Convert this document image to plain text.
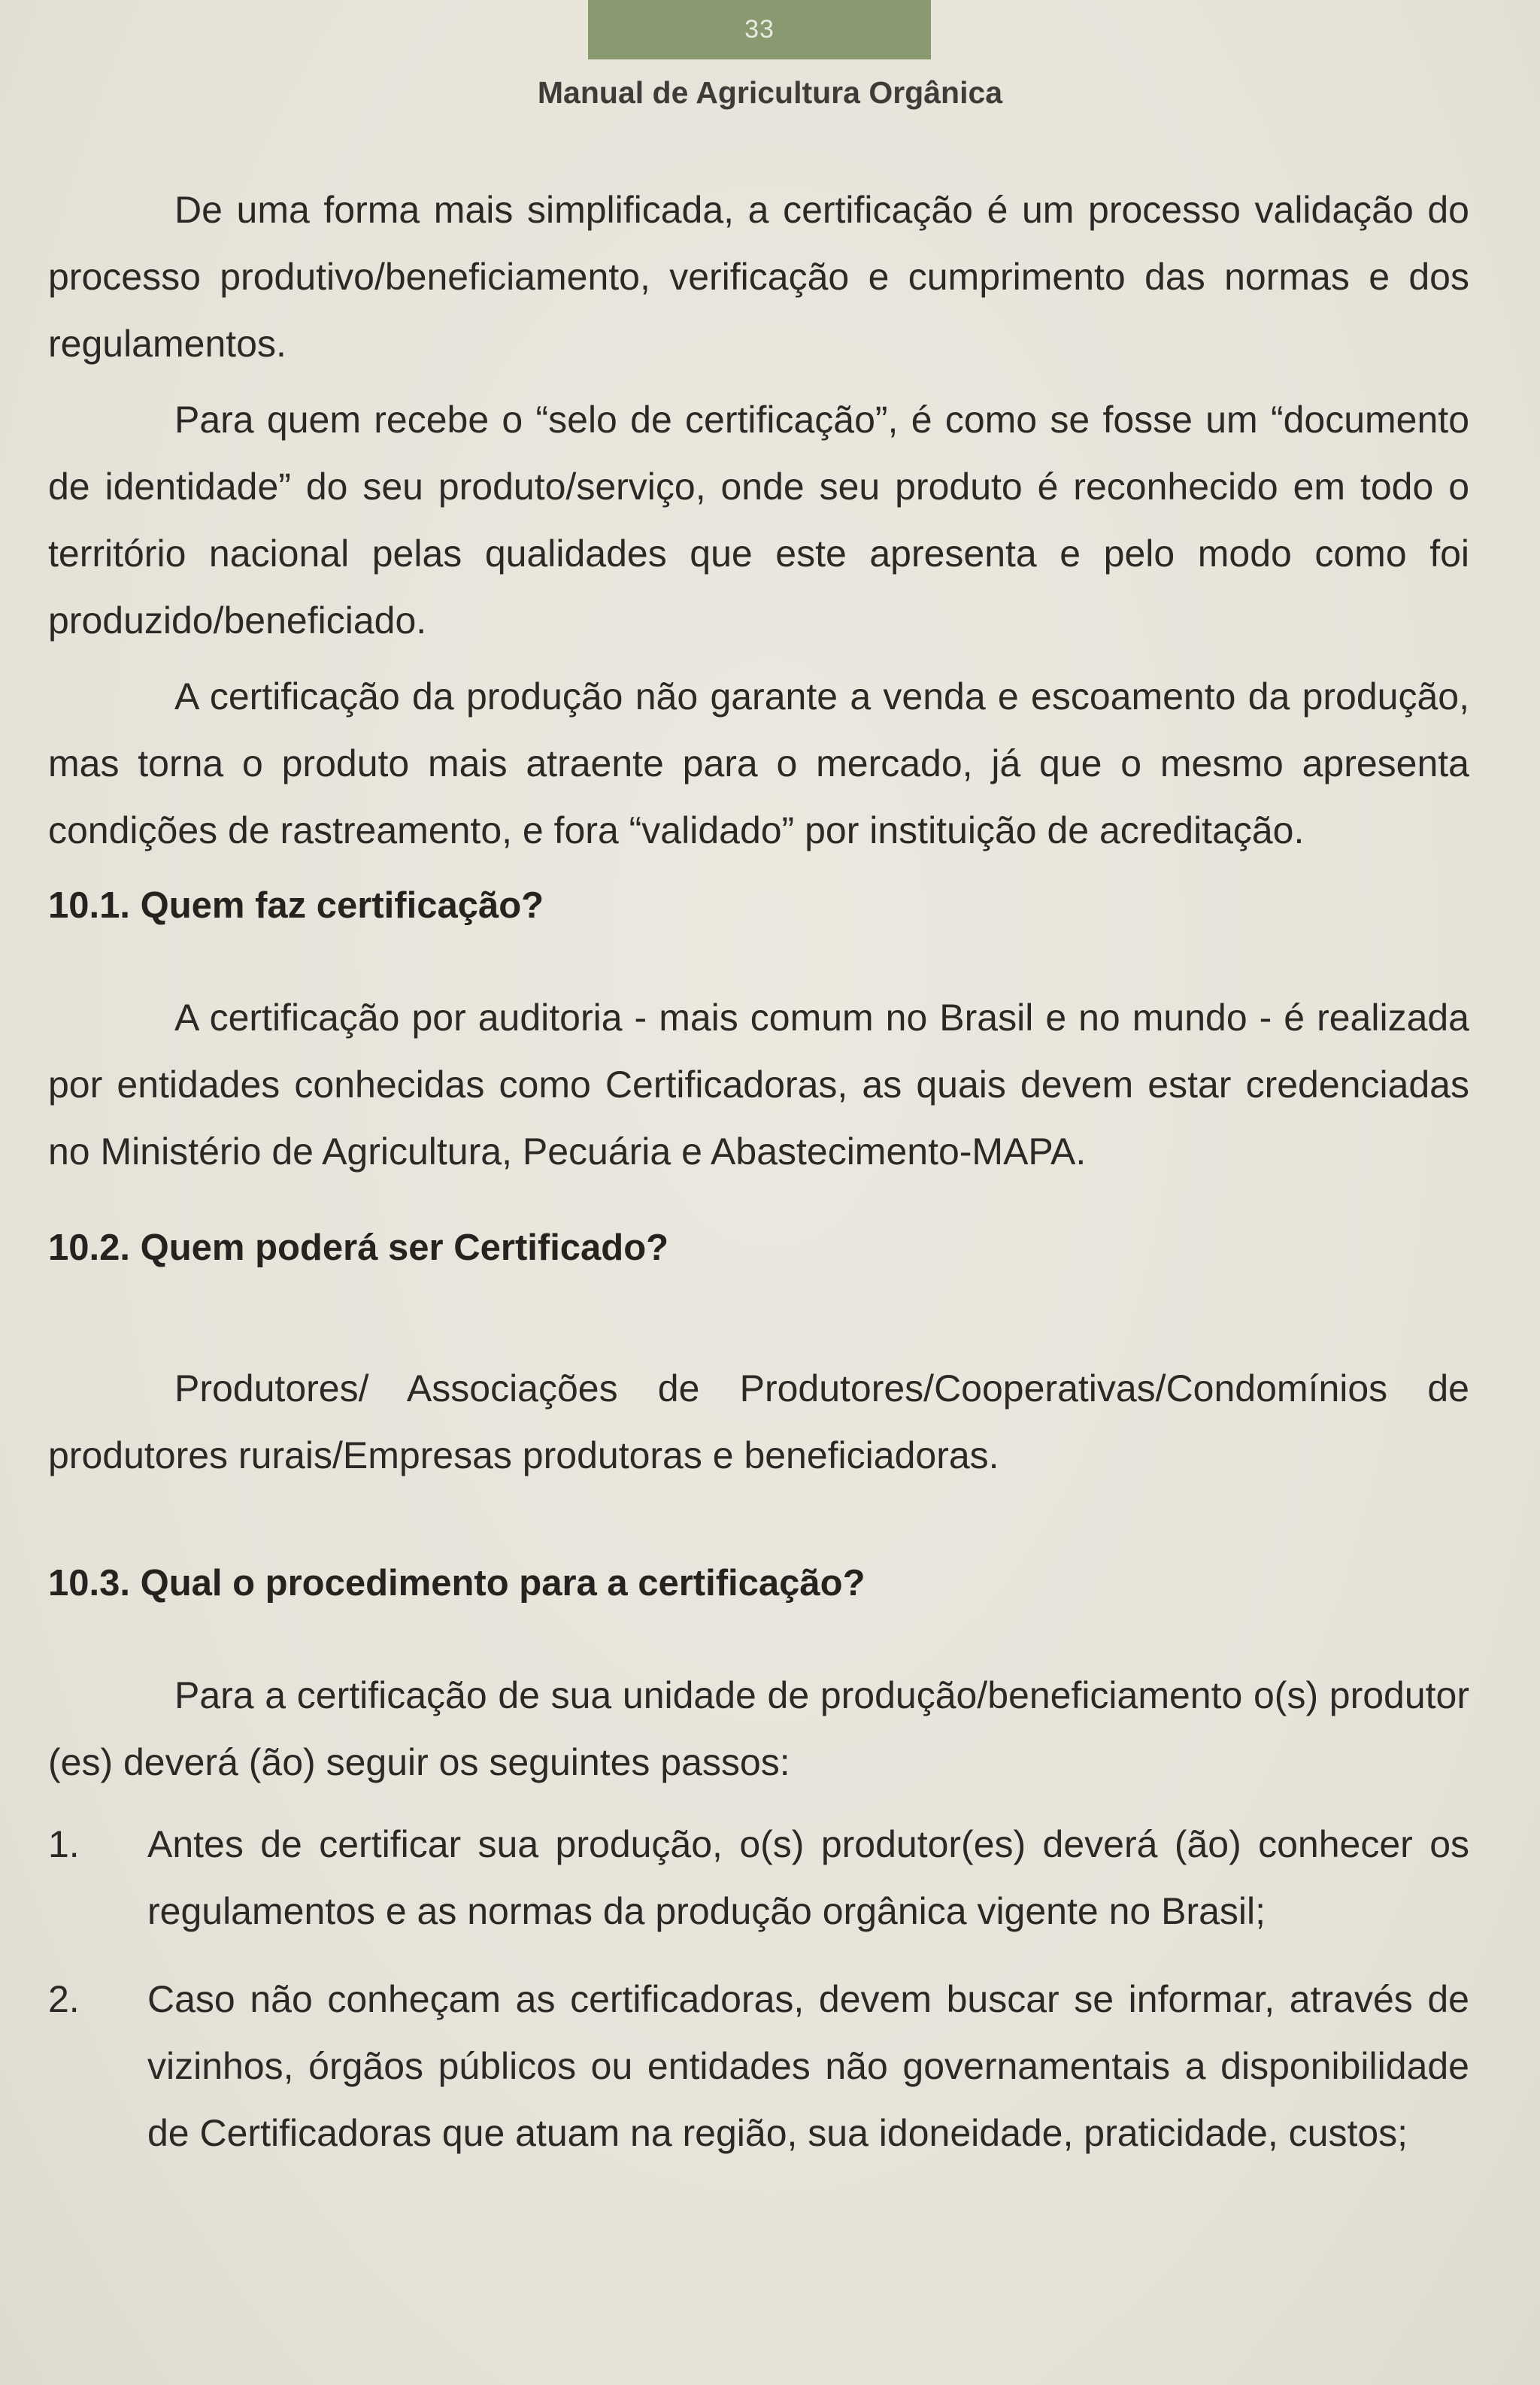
33
Manual de Agricultura Orgânica

De uma forma mais simplificada, a certificação é um processo validação do processo produtivo/beneficiamento, verificação e cumprimento das normas e dos regulamentos.

Para quem recebe o “selo de certificação”, é como se fosse um “documento de identidade” do seu produto/serviço, onde seu produto é reconhecido em todo o território nacional pelas qualidades que este apresenta e pelo modo como foi produzido/beneficiado.

A certificação da produção não garante a venda e escoamento da produção, mas torna o produto mais atraente para o mercado, já que o mesmo apresenta condições de rastreamento, e fora “validado” por instituição de acreditação.

10.1. Quem faz certificação?

A certificação por auditoria - mais comum no Brasil e no mundo - é realizada por entidades conhecidas como Certificadoras, as quais devem estar credenciadas no Ministério de Agricultura, Pecuária e Abastecimento-MAPA.

10.2. Quem poderá ser Certificado?

Produtores/ Associações de Produtores/Cooperativas/Condomínios de produtores rurais/Empresas produtoras e beneficiadoras.

10.3. Qual o procedimento para a certificação?

Para a certificação de sua unidade de produção/beneficiamento o(s) produtor (es) deverá (ão) seguir os seguintes passos:

1.	Antes de certificar sua produção, o(s) produtor(es) deverá (ão) conhecer os regulamentos e as normas da produção orgânica vigente no Brasil;
2.	Caso não conheçam as certificadoras, devem buscar se informar, através de vizinhos, órgãos públicos ou entidades não governamentais a disponibilidade de Certificadoras que atuam na região, sua idoneidade, praticidade, custos;
